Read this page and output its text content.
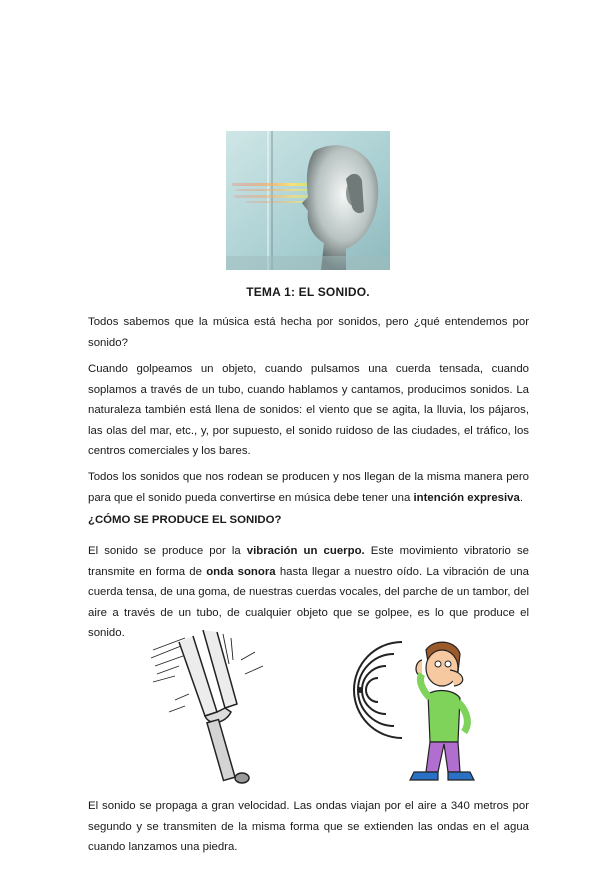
TEMA 1: EL SONIDO.

Todos sabemos que la música está hecha por sonidos, pero ¿qué entendemos por sonido?

Cuando golpeamos un objeto, cuando pulsamos una cuerda tensada, cuando soplamos a través de un tubo, cuando hablamos y cantamos, producimos sonidos. La naturaleza también está llena de sonidos: el viento que se agita, la lluvia, los pájaros, las olas del mar, etc., y, por supuesto, el sonido ruidoso de las ciudades, el tráfico, los centros comerciales y los bares.

Todos los sonidos que nos rodean se producen y nos llegan de la misma manera pero para que el sonido pueda convertirse en música debe tener una intención expresiva.

¿CÓMO SE PRODUCE EL SONIDO?

El sonido se produce por la vibración un cuerpo. Este movimiento vibratorio se transmite en forma de onda sonora hasta llegar a nuestro oído. La vibración de una cuerda tensa, de una goma, de nuestras cuerdas vocales, del parche de un tambor, del aire a través de un tubo, de cualquier objeto que se golpee, es lo que produce el sonido.

El sonido se propaga a gran velocidad. Las ondas viajan por el aire a 340 metros por segundo y se transmiten de la misma forma que se extienden las ondas en el agua cuando lanzamos una piedra.
